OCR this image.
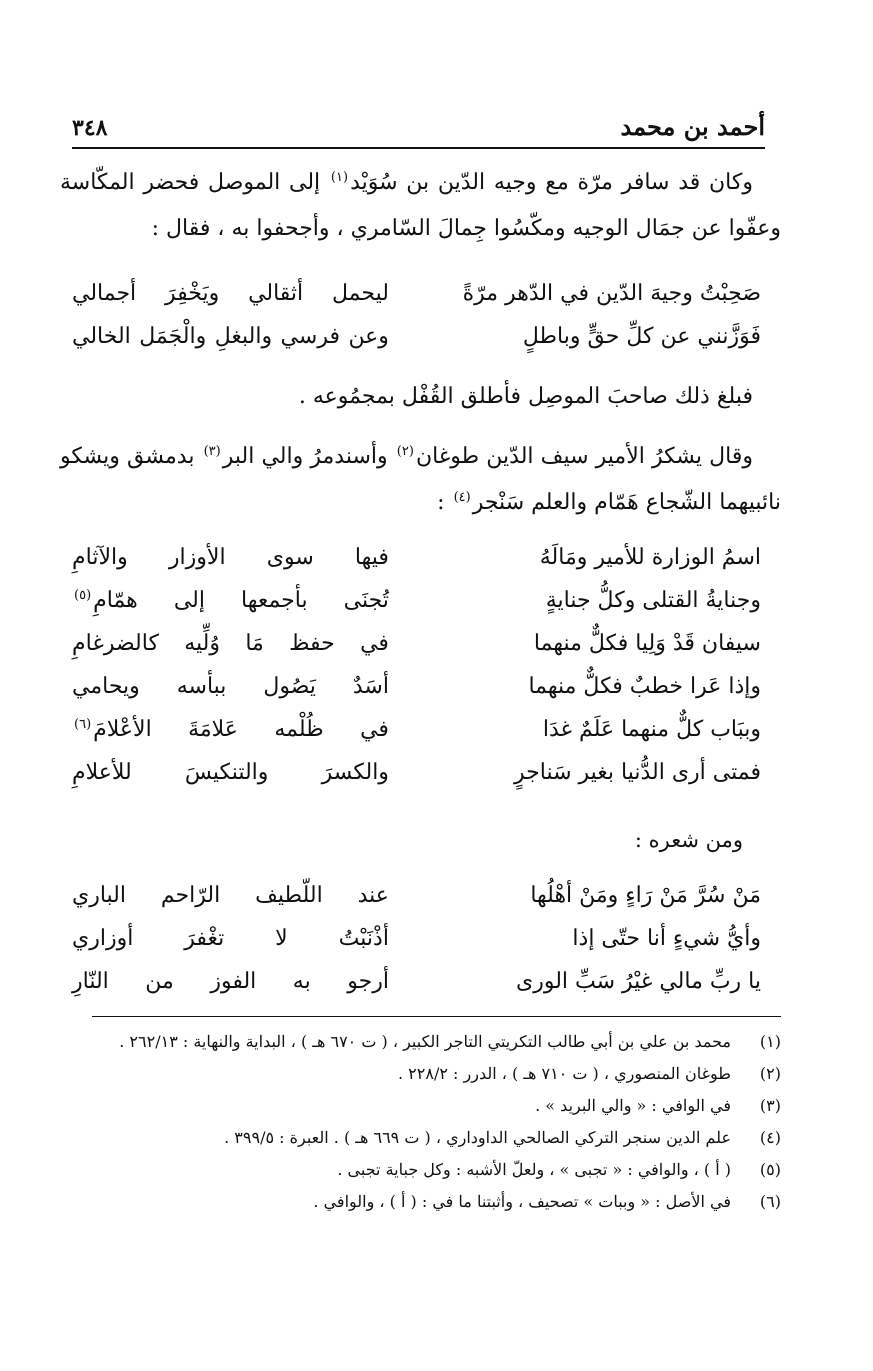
أحمد بن محمد
٣٤٨
وكان قد سافر مرّة مع وجيه الدّين بن سُوَيْد$^{(١)}$ إلى الموصل فحضر المكّاسة وعفّوا عن جمَال الوجيه ومكّسُوا جِمالَ السّامري ، وأجحفوا به ، فقال :
صَحِبْتُ وجيهَ الدّين في الدّهر مرّةً
ليحمل أثقالي ويَخْفِرَ أجمالي
فَوَزَّنني عن كلِّ حقٍّ وباطلٍ
وعن فرسي والبغلِ والْجَمَل الخالي
فبلغ ذلك صاحبَ الموصِل فأطلق القُفْل بمجمُوعه .
وقال يشكرُ الأمير سيف الدّين طوغان$^{(٢)}$ وأسندمرُ والي البر$^{(٣)}$ بدمشق ويشكو نائبيهما الشّجاع هَمّام والعلم سَنْجر$^{(٤)}$ :
اسمُ الوزارة للأمير ومَالَهُ
فيها سوى الأوزار والآثامِ
وجنايةُ القتلى وكلُّ جنايةٍ
تُجنَى بأجمعها إلى همّامِ$^{(٥)}$
سيفان قَدْ وَلِيا فكلٌّ منهما
في حفظ مَا وُلِّيه كالضرغامِ
وإذا عَرا خطبٌ فكلٌّ منهما
أسَدٌ يَصُول ببأسه ويحامي
وببَاب كلٌّ منهما عَلَمٌ غدَا
في ظُلْمه عَلامَةَ الأعْلامَ$^{(٦)}$
فمتى أرى الدُّنيا بغير سَناجرٍ
والكسرَ والتنكيسَ للأعلامِ
ومن شعره :
مَنْ سُرَّ مَنْ رَاءٍ ومَنْ أهْلُها
عند اللّطيف الرّاحم الباري
وأيُّ شيءٍ أنا حتّى إذا
أذْنَبْتُ لا تغْفرَ أوزاري
يا ربِّ مالي غيْرُ سَبِّ الورى
أرجو به الفوز من النّارِ
(١)
محمد بن علي بن أبي طالب التكريتي التاجر الكبير ، ( ت ٦٧٠ هـ ) ، البداية والنهاية : ٢٦٢/١٣ .
(٢)
طوغان المنصوري ، ( ت ٧١٠ هـ ) ، الدرر : ٢٢٨/٢ .
(٣)
في الوافي : « والي البريد » .
(٤)
علم الدين سنجر التركي الصالحي الداوداري ، ( ت ٦٦٩ هـ ) . العبرة : ٣٩٩/٥ .
(٥)
( أ ) ، والوافي : « تجبى » ، ولعلّ الأشبه : وكل جباية تجبى .
(٦)
في الأصل : « وببات » تصحيف ، وأثبتنا ما في : ( أ ) ، والوافي .
